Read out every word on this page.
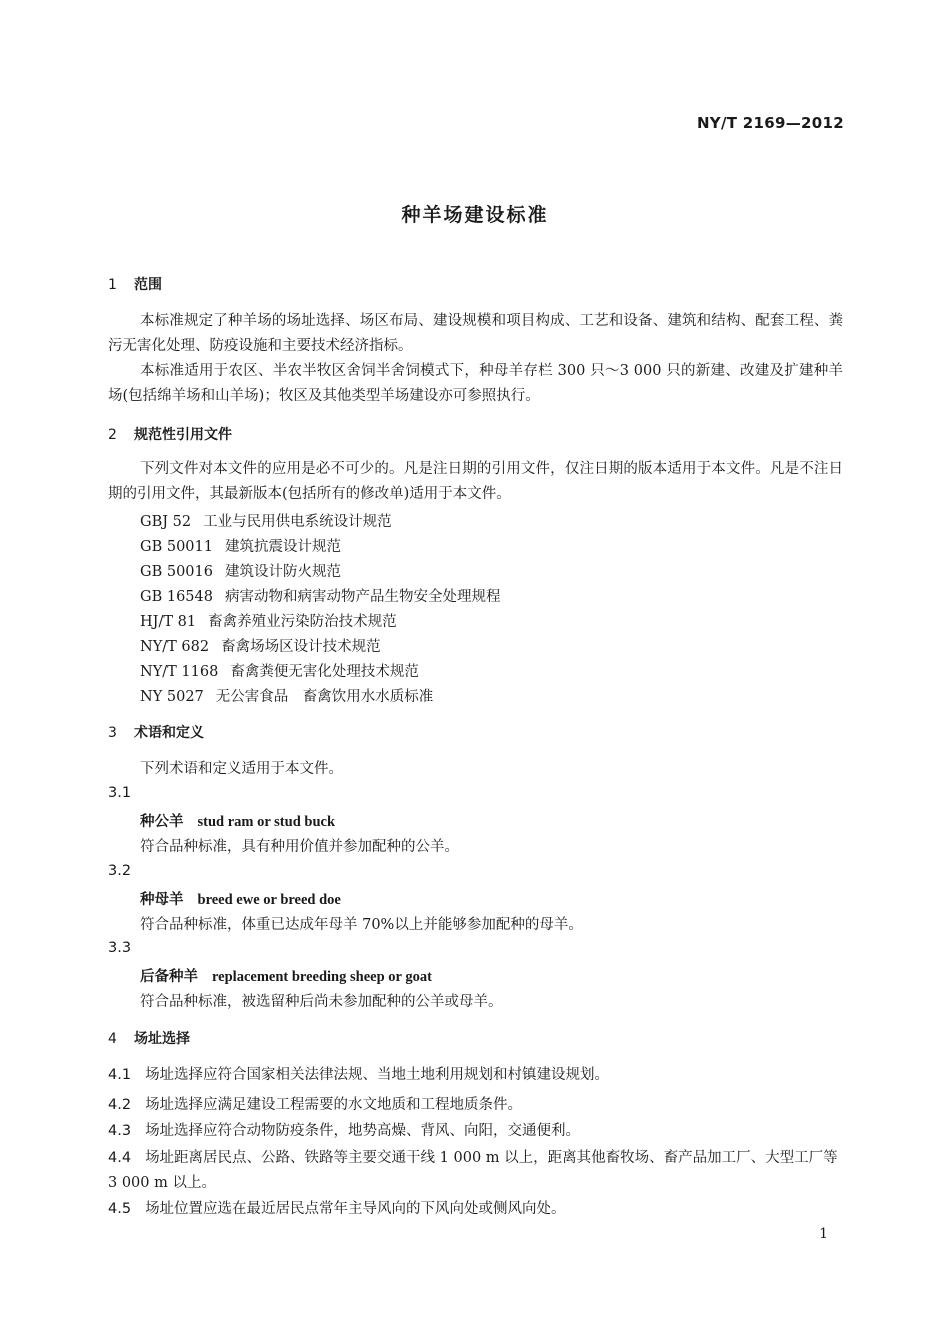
NY/T 2169—2012
种羊场建设标准
1 范围
本标准规定了种羊场的场址选择、场区布局、建设规模和项目构成、工艺和设备、建筑和结构、配套工程、粪污无害化处理、防疫设施和主要技术经济指标。
本标准适用于农区、半农半牧区舍饲半舍饲模式下，种母羊存栏 300 只～3 000 只的新建、改建及扩建种羊场(包括绵羊场和山羊场)；牧区及其他类型羊场建设亦可参照执行。
2 规范性引用文件
下列文件对本文件的应用是必不可少的。凡是注日期的引用文件，仅注日期的版本适用于本文件。凡是不注日期的引用文件，其最新版本(包括所有的修改单)适用于本文件。
GBJ 52 工业与民用供电系统设计规范
GB 50011 建筑抗震设计规范
GB 50016 建筑设计防火规范
GB 16548 病害动物和病害动物产品生物安全处理规程
HJ/T 81 畜禽养殖业污染防治技术规范
NY/T 682 畜禽场场区设计技术规范
NY/T 1168 畜禽粪便无害化处理技术规范
NY 5027 无公害食品　畜禽饮用水水质标准
3 术语和定义
下列术语和定义适用于本文件。
3.1
种公羊 stud ram or stud buck
符合品种标准，具有种用价值并参加配种的公羊。
3.2
种母羊 breed ewe or breed doe
符合品种标准，体重已达成年母羊 70%以上并能够参加配种的母羊。
3.3
后备种羊 replacement breeding sheep or goat
符合品种标准，被选留种后尚未参加配种的公羊或母羊。
4 场址选择
4.1 场址选择应符合国家相关法律法规、当地土地利用规划和村镇建设规划。
4.2 场址选择应满足建设工程需要的水文地质和工程地质条件。
4.3 场址选择应符合动物防疫条件，地势高燥、背风、向阳，交通便利。
4.4 场址距离居民点、公路、铁路等主要交通干线 1 000 m 以上，距离其他畜牧场、畜产品加工厂、大型工厂等 3 000 m 以上。
4.5 场址位置应选在最近居民点常年主导风向的下风向处或侧风向处。
1
